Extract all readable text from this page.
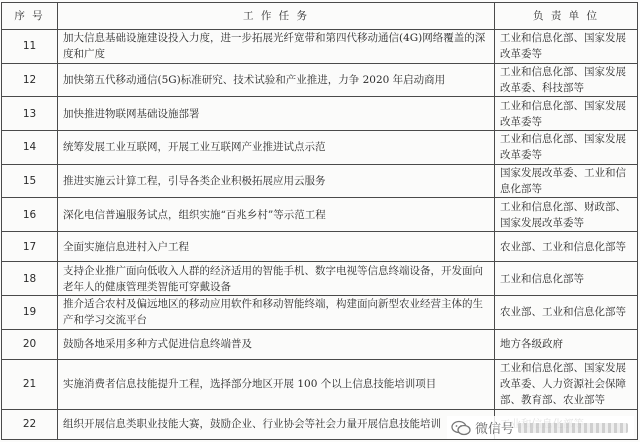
序 号	工 作 任 务	负 责 单 位
11	加大信息基础设施建设投入力度，进一步拓展光纤宽带和第四代移动通信(4G)网络覆盖的深度和广度	工业和信息化部、国家发展改革委等
12	加快第五代移动通信(5G)标准研究、技术试验和产业推进，力争 2020 年启动商用	工业和信息化部、国家发展改革委、科技部等
13	加快推进物联网基础设施部署	工业和信息化部、国家发展改革委等
14	统筹发展工业互联网，开展工业互联网产业推进试点示范	工业和信息化部、国家发展改革委等
15	推进实施云计算工程，引导各类企业积极拓展应用云服务	国家发展改革委、工业和信息化部等
16	深化电信普遍服务试点，组织实施“百兆乡村”等示范工程	工业和信息化部、财政部、国家发展改革委等
17	全面实施信息进村入户工程	农业部、工业和信息化部等
18	支持企业推广面向低收入人群的经济适用的智能手机、数字电视等信息终端设备，开发面向老年人的健康管理类智能可穿戴设备	工业和信息化部等
19	推介适合农村及偏远地区的移动应用软件和移动智能终端，构建面向新型农业经营主体的生产和学习交流平台	农业部、工业和信息化部等
20	鼓励各地采用多种方式促进信息终端普及	地方各级政府
21	实施消费者信息技能提升工程，选择部分地区开展 100 个以上信息技能培训项目	工业和信息化部、国家发展改革委、人力资源社会保障部、教育部、农业部等
22	组织开展信息类职业技能大赛，鼓励企业、行业协会等社会力量开展信息技能培训		微信号
